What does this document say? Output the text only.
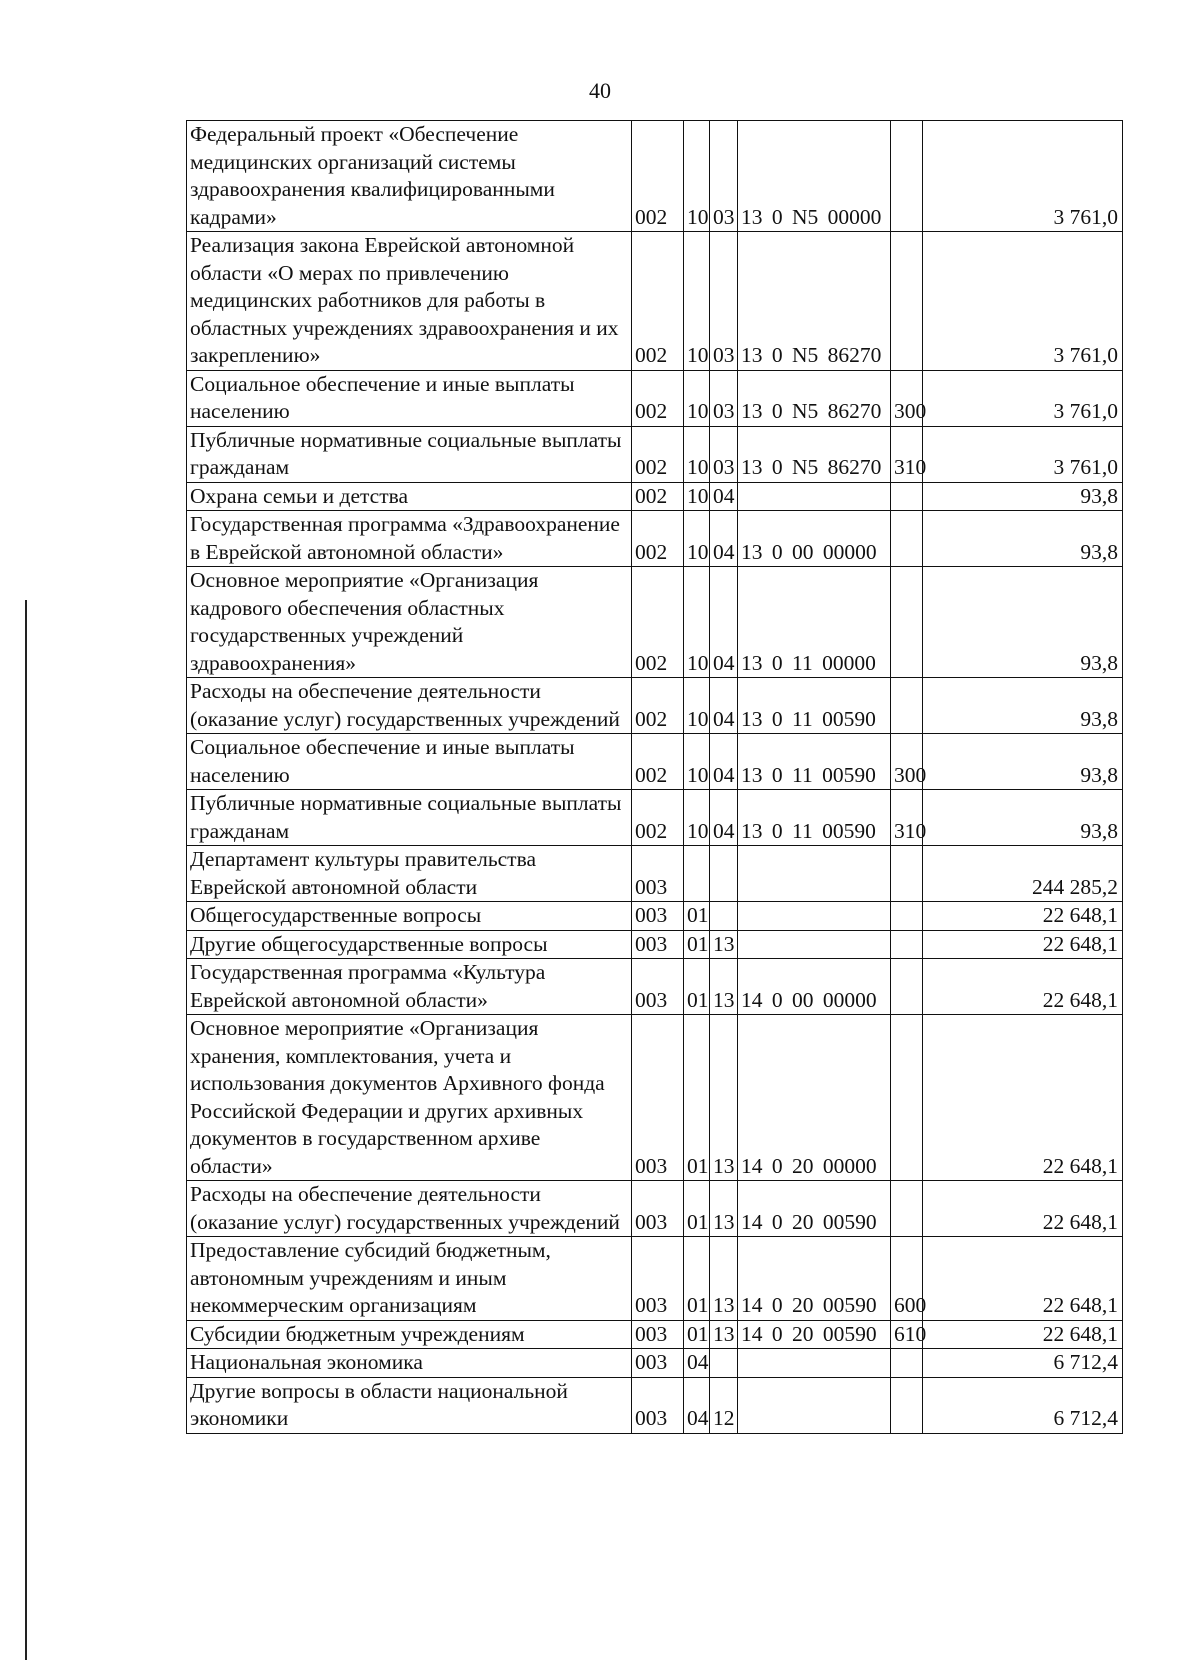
40
Федеральный проект «Обеспечение медицинских организаций системы здравоохранения квалифицированными кадрами»	002	10	03	13 0 N5 00000		3 761,0
Реализация закона Еврейской автономной области «О мерах по привлечению медицинских работников для работы в областных учреждениях здравоохранения и их закреплению»	002	10	03	13 0 N5 86270		3 761,0
Социальное обеспечение и иные выплаты населению	002	10	03	13 0 N5 86270	300	3 761,0
Публичные нормативные социальные выплаты гражданам	002	10	03	13 0 N5 86270	310	3 761,0
Охрана семьи и детства	002	10	04			93,8
Государственная программа «Здравоохранение в Еврейской автономной области»	002	10	04	13 0 00 00000		93,8
Основное мероприятие «Организация кадрового обеспечения областных государственных учреждений здравоохранения»	002	10	04	13 0 11 00000		93,8
Расходы на обеспечение деятельности (оказание услуг) государственных учреждений	002	10	04	13 0 11 00590		93,8
Социальное обеспечение и иные выплаты населению	002	10	04	13 0 11 00590	300	93,8
Публичные нормативные социальные выплаты гражданам	002	10	04	13 0 11 00590	310	93,8
Департамент культуры правительства Еврейской автономной области	003					244 285,2
Общегосударственные вопросы	003	01				22 648,1
Другие общегосударственные вопросы	003	01	13			22 648,1
Государственная программа «Культура Еврейской автономной области»	003	01	13	14 0 00 00000		22 648,1
Основное мероприятие «Организация хранения, комплектования, учета и использования документов Архивного фонда Российской Федерации и других архивных документов в государственном архиве области»	003	01	13	14 0 20 00000		22 648,1
Расходы на обеспечение деятельности (оказание услуг) государственных учреждений	003	01	13	14 0 20 00590		22 648,1
Предоставление субсидий бюджетным, автономным учреждениям и иным некоммерческим организациям	003	01	13	14 0 20 00590	600	22 648,1
Субсидии бюджетным учреждениям	003	01	13	14 0 20 00590	610	22 648,1
Национальная экономика	003	04				6 712,4
Другие вопросы в области национальной экономики	003	04	12			6 712,4
